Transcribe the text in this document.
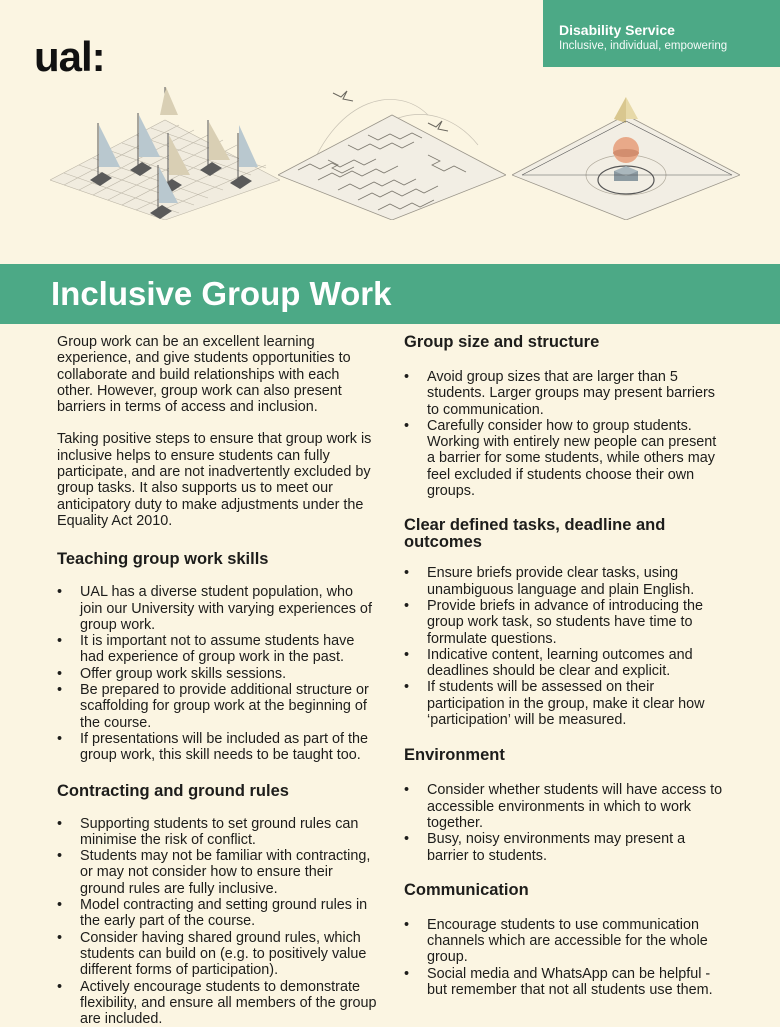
ual:
Disability Service
Inclusive, individual, empowering
Inclusive Group Work

Group work can be an excellent learning experience, and give students opportunities to collaborate and build relationships with each other. However, group work can also present barriers in terms of access and inclusion.

Taking positive steps to ensure that group work is inclusive helps to ensure students can fully participate, and are not inadvertently excluded by group tasks. It also supports us to meet our anticipatory duty to make adjustments under the Equality Act 2010.

Teaching group work skills
• UAL has a diverse student population, who join our University with varying experiences of group work.
• It is important not to assume students have had experience of group work in the past.
• Offer group work skills sessions.
• Be prepared to provide additional structure or scaffolding for group work at the beginning of the course.
• If presentations will be included as part of the group work, this skill needs to be taught too.
Contracting and ground rules
• Supporting students to set ground rules can minimise the risk of conflict.
• Students may not be familiar with contracting, or may not consider how to ensure their ground rules are fully inclusive.
• Model contracting and setting ground rules in the early part of the course.
• Consider having shared ground rules, which students can build on (e.g. to positively value different forms of participation).
• Actively encourage students to demonstrate flexibility, and ensure all members of the group are included.
Group size and structure
• Avoid group sizes that are larger than 5 students. Larger groups may present barriers to communication.
• Carefully consider how to group students. Working with entirely new people can present a barrier for some students, while others may feel excluded if students choose their own groups.
Clear defined tasks, deadline and outcomes
• Ensure briefs provide clear tasks, using unambiguous language and plain English.
• Provide briefs in advance of introducing the group work task, so students have time to formulate questions.
• Indicative content, learning outcomes and deadlines should be clear and explicit.
• If students will be assessed on their participation in the group, make it clear how ‘participation’ will be measured.
Environment
• Consider whether students will have access to accessible environments in which to work together.
• Busy, noisy environments may present a barrier to students.
Communication
• Encourage students to use communication channels which are accessible for the whole group.
• Social media and WhatsApp can be helpful - but remember that not all students use them.
